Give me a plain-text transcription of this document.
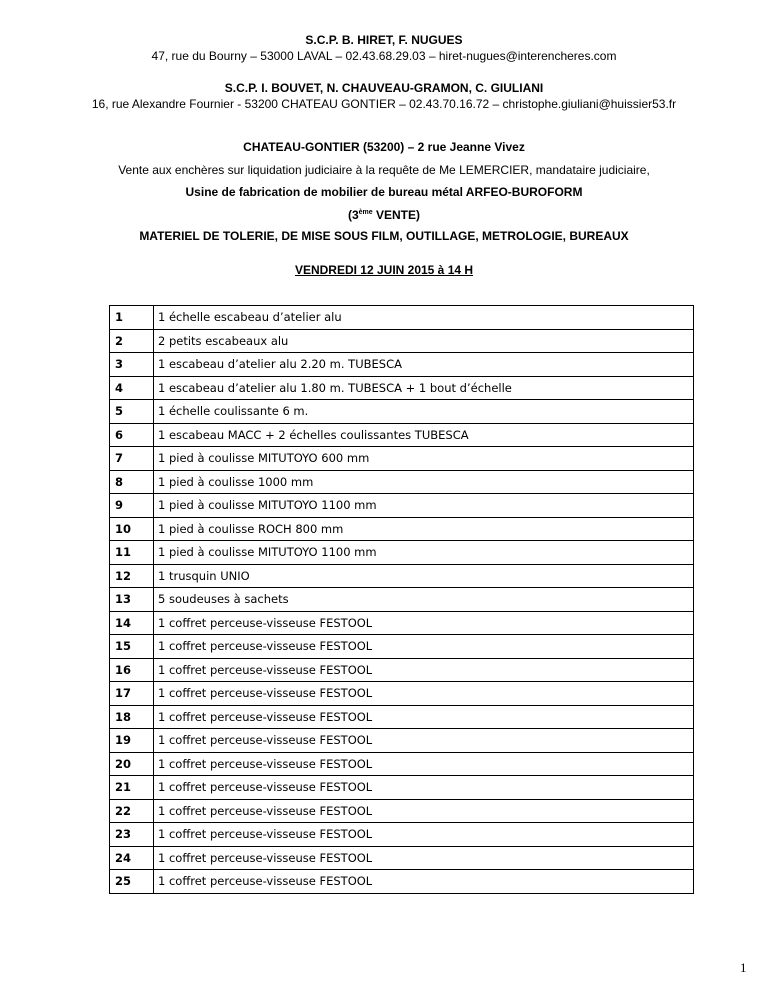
S.C.P. B. HIRET, F. NUGUES
47, rue du Bourny – 53000 LAVAL – 02.43.68.29.03 – hiret-nugues@interencheres.com
S.C.P. I. BOUVET, N. CHAUVEAU-GRAMON, C. GIULIANI
16, rue Alexandre Fournier - 53200 CHATEAU GONTIER – 02.43.70.16.72 – christophe.giuliani@huissier53.fr
CHATEAU-GONTIER (53200) – 2 rue Jeanne Vivez
Vente aux enchères sur liquidation judiciaire à la requête de Me LEMERCIER, mandataire judiciaire,
Usine de fabrication de mobilier de bureau métal ARFEO-BUROFORM
(3ème VENTE)
MATERIEL DE TOLERIE, DE MISE SOUS FILM, OUTILLAGE, METROLOGIE, BUREAUX
VENDREDI 12 JUIN 2015 à 14 H
1	1 échelle escabeau d’atelier alu
2	2 petits escabeaux alu
3	1 escabeau d’atelier alu 2.20 m. TUBESCA
4	1 escabeau d’atelier alu 1.80 m. TUBESCA + 1 bout d’échelle
5	1 échelle coulissante 6 m.
6	1 escabeau MACC + 2 échelles coulissantes TUBESCA
7	1 pied à coulisse MITUTOYO 600 mm
8	1 pied à coulisse 1000 mm
9	1 pied à coulisse MITUTOYO 1100 mm
10	1 pied à coulisse ROCH 800 mm
11	1 pied à coulisse MITUTOYO 1100 mm
12	1 trusquin UNIO
13	5 soudeuses à sachets
14	1 coffret perceuse-visseuse FESTOOL
15	1 coffret perceuse-visseuse FESTOOL
16	1 coffret perceuse-visseuse FESTOOL
17	1 coffret perceuse-visseuse FESTOOL
18	1 coffret perceuse-visseuse FESTOOL
19	1 coffret perceuse-visseuse FESTOOL
20	1 coffret perceuse-visseuse FESTOOL
21	1 coffret perceuse-visseuse FESTOOL
22	1 coffret perceuse-visseuse FESTOOL
23	1 coffret perceuse-visseuse FESTOOL
24	1 coffret perceuse-visseuse FESTOOL
25	1 coffret perceuse-visseuse FESTOOL
1
